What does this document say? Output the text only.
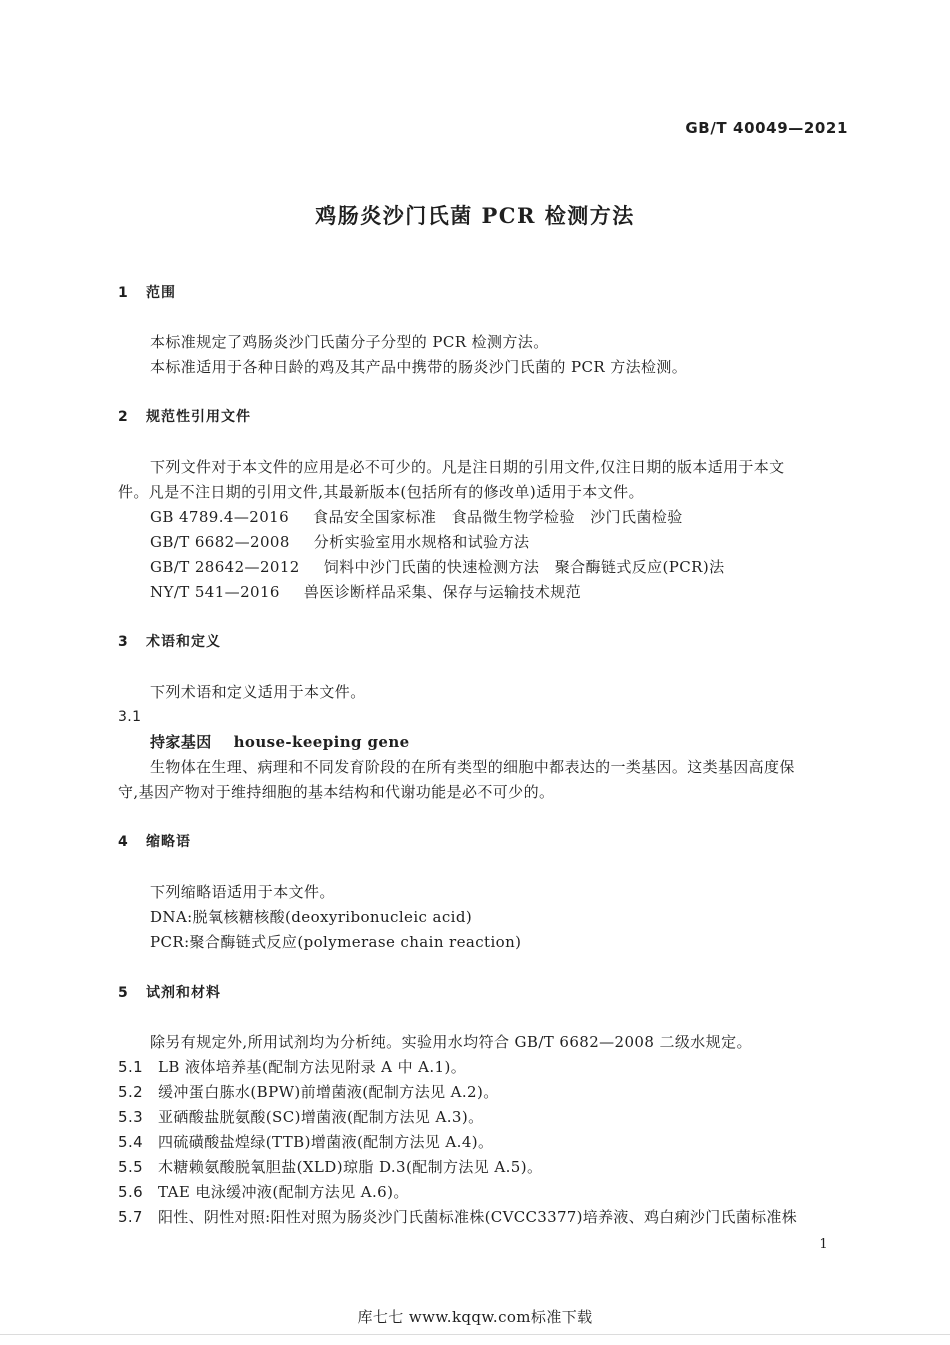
GB/T 40049—2021
鸡肠炎沙门氏菌 PCR 检测方法
1 范围
本标准规定了鸡肠炎沙门氏菌分子分型的 PCR 检测方法。
本标准适用于各种日龄的鸡及其产品中携带的肠炎沙门氏菌的 PCR 方法检测。
2 规范性引用文件
下列文件对于本文件的应用是必不可少的。凡是注日期的引用文件,仅注日期的版本适用于本文
件。凡是不注日期的引用文件,其最新版本(包括所有的修改单)适用于本文件。
GB 4789.4—2016 食品安全国家标准　食品微生物学检验　沙门氏菌检验
GB/T 6682—2008 分析实验室用水规格和试验方法
GB/T 28642—2012 饲料中沙门氏菌的快速检测方法　聚合酶链式反应(PCR)法
NY/T 541—2016 兽医诊断样品采集、保存与运输技术规范
3 术语和定义
下列术语和定义适用于本文件。
3.1
持家基因 house-keeping gene
生物体在生理、病理和不同发育阶段的在所有类型的细胞中都表达的一类基因。这类基因高度保
守,基因产物对于维持细胞的基本结构和代谢功能是必不可少的。
4 缩略语
下列缩略语适用于本文件。
DNA:脱氧核糖核酸(deoxyribonucleic acid)
PCR:聚合酶链式反应(polymerase chain reaction)
5 试剂和材料
除另有规定外,所用试剂均为分析纯。实验用水均符合 GB/T 6682—2008 二级水规定。
5.1 LB 液体培养基(配制方法见附录 A 中 A.1)。
5.2 缓冲蛋白胨水(BPW)前增菌液(配制方法见 A.2)。
5.3 亚硒酸盐胱氨酸(SC)增菌液(配制方法见 A.3)。
5.4 四硫磺酸盐煌绿(TTB)增菌液(配制方法见 A.4)。
5.5 木糖赖氨酸脱氧胆盐(XLD)琼脂 D.3(配制方法见 A.5)。
5.6 TAE 电泳缓冲液(配制方法见 A.6)。
5.7 阳性、阴性对照:阳性对照为肠炎沙门氏菌标准株(CVCC3377)培养液、鸡白痢沙门氏菌标准株
1
库七七 www.kqqw.com标准下载
